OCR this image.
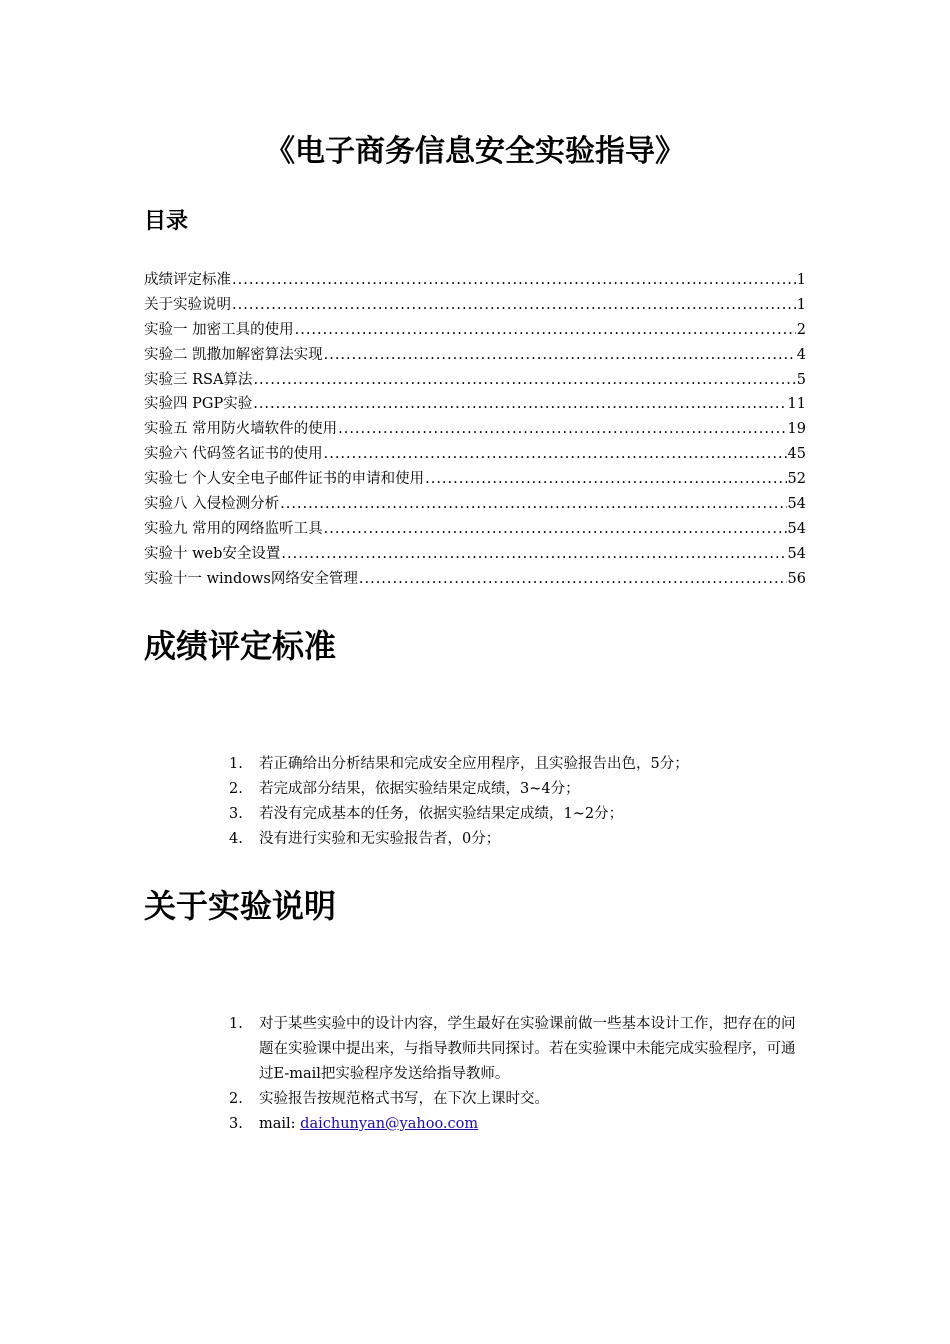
《电子商务信息安全实验指导》
目录
成绩评定标准 .....	1
关于实验说明 .....	1
实验一 加密工具的使用 .....	2
实验二 凯撒加解密算法实现 .....	4
实验三 RSA算法 .....	5
实验四 PGP实验 .....	11
实验五 常用防火墙软件的使用 .....	19
实验六 代码签名证书的使用 .....	45
实验七 个人安全电子邮件证书的申请和使用 .....	52
实验八 入侵检测分析 .....	54
实验九 常用的网络监听工具 .....	54
实验十 web安全设置 .....	54
实验十一 windows网络安全管理 .....	56
成绩评定标准
1.	若正确给出分析结果和完成安全应用程序，且实验报告出色，5分；
2.	若完成部分结果，依据实验结果定成绩，3~4分；
3.	若没有完成基本的任务，依据实验结果定成绩，1~2分；
4.	没有进行实验和无实验报告者，0分；
关于实验说明
1.	对于某些实验中的设计内容，学生最好在实验课前做一些基本设计工作，把存在的问题在实验课中提出来，与指导教师共同探讨。若在实验课中未能完成实验程序，可通过E-mail把实验程序发送给指导教师。
2.	实验报告按规范格式书写，在下次上课时交。
3.	mail: daichunyan@yahoo.com
